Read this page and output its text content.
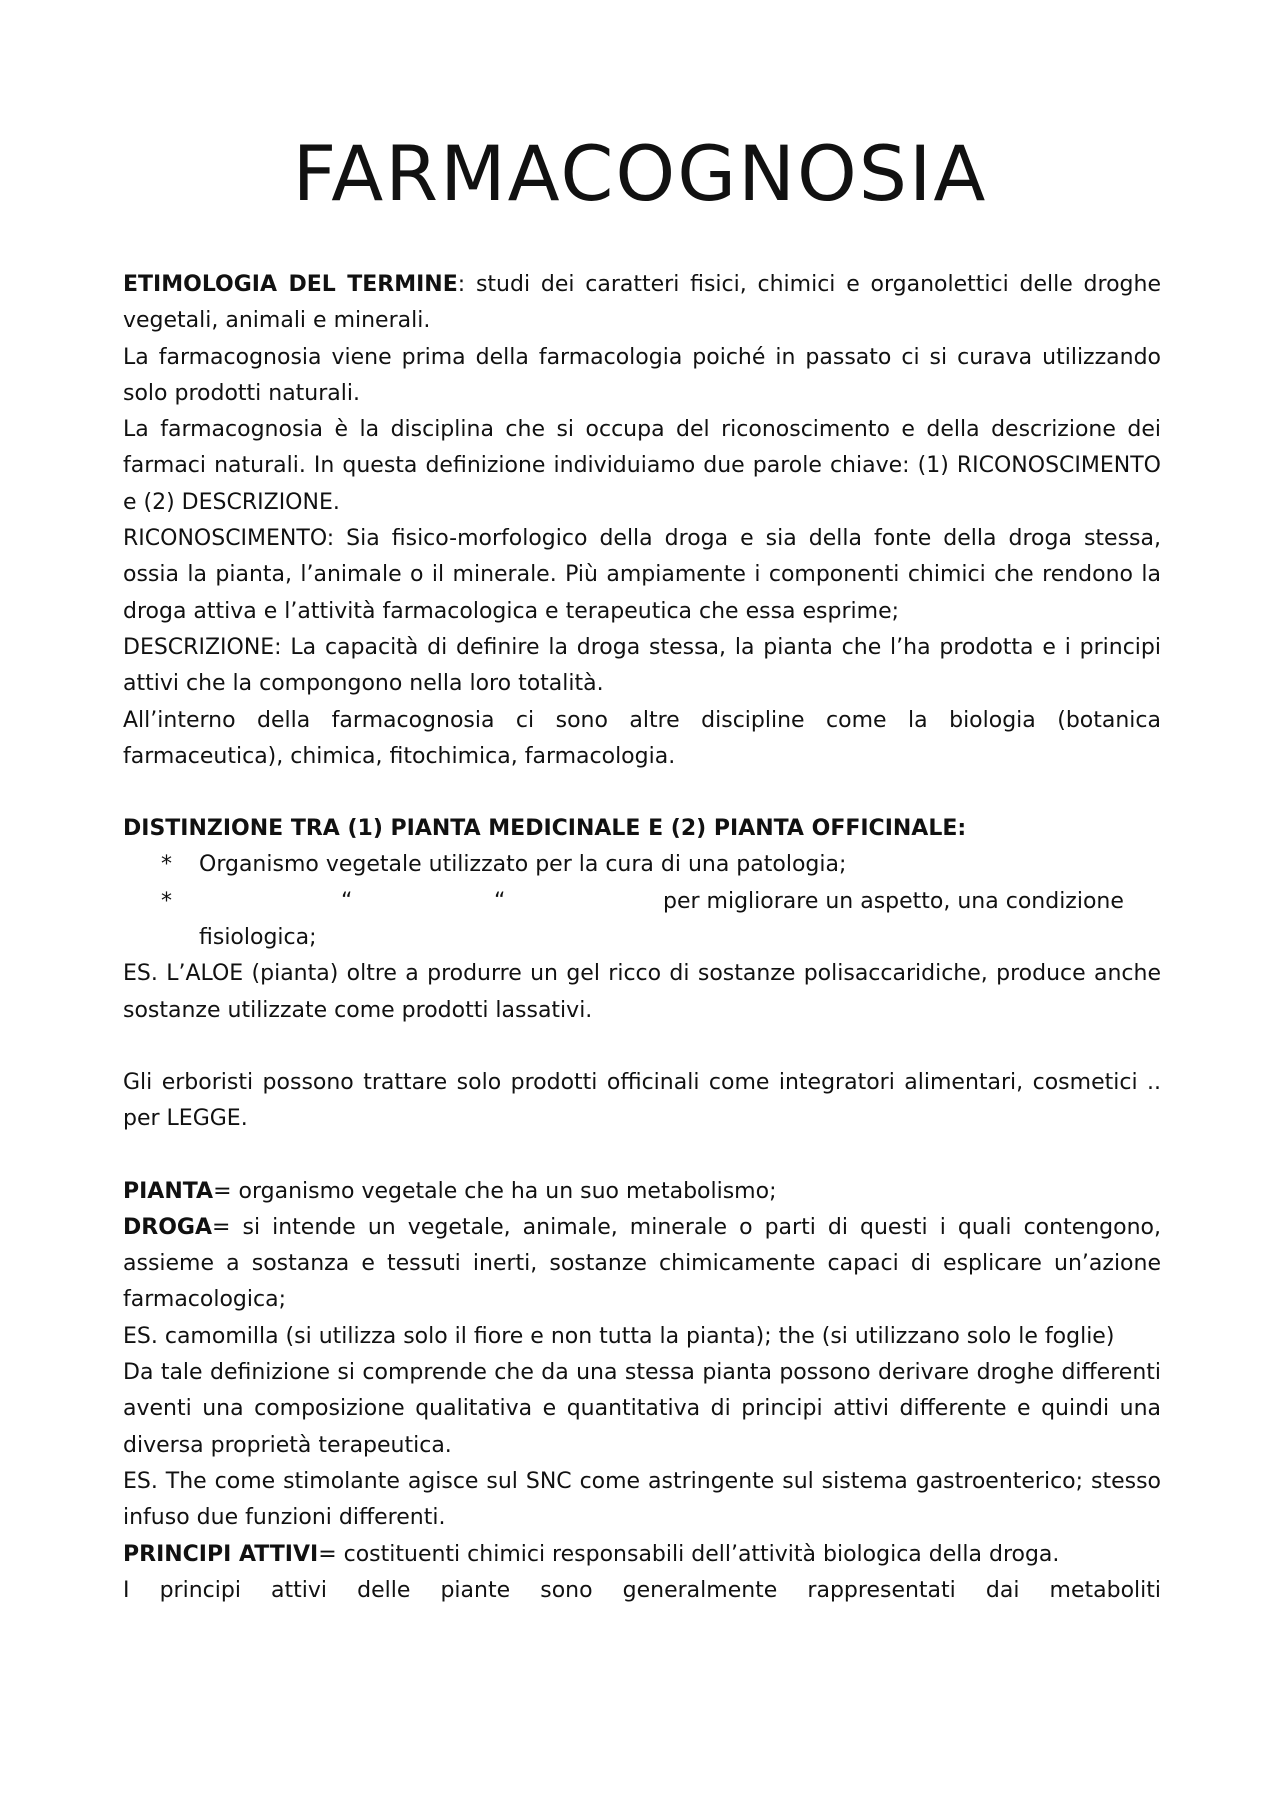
FARMACOGNOSIA

ETIMOLOGIA DEL TERMINE: studi dei caratteri fisici, chimici e organolettici delle droghe vegetali, animali e minerali.

La farmacognosia viene prima della farmacologia poiché in passato ci si curava utilizzando solo prodotti naturali.

La farmacognosia è la disciplina che si occupa del riconoscimento e della descrizione dei farmaci naturali. In questa definizione individuiamo due parole chiave: (1) RICONOSCIMENTO e (2) DESCRIZIONE.

RICONOSCIMENTO: Sia fisico-morfologico della droga e sia della fonte della droga stessa, ossia la pianta, l’animale o il minerale. Più ampiamente i componenti chimici che rendono la droga attiva e l’attività farmacologica e terapeutica che essa esprime;

DESCRIZIONE: La capacità di definire la droga stessa, la pianta che l’ha prodotta e i principi attivi che la compongono nella loro totalità.

All’interno della farmacognosia ci sono altre discipline come la biologia (botanica farmaceutica), chimica, fitochimica, farmacologia.

DISTINZIONE TRA (1) PIANTA MEDICINALE E (2) PIANTA OFFICINALE:

* Organismo vegetale utilizzato per la cura di una patologia;
*	“	“	per migliorare un aspetto, una condizione

fisiologica;

ES. L’ALOE (pianta) oltre a produrre un gel ricco di sostanze polisaccaridiche, produce anche sostanze utilizzate come prodotti lassativi.

Gli erboristi possono trattare solo prodotti officinali come integratori alimentari, cosmetici .. per LEGGE.

PIANTA= organismo vegetale che ha un suo metabolismo;

DROGA= si intende un vegetale, animale, minerale o parti di questi i quali contengono, assieme a sostanza e tessuti inerti, sostanze chimicamente capaci di esplicare un’azione farmacologica;

ES. camomilla (si utilizza solo il fiore e non tutta la pianta); the (si utilizzano solo le foglie)

Da tale definizione si comprende che da una stessa pianta possono derivare droghe differenti aventi una composizione qualitativa e quantitativa di principi attivi differente e quindi una diversa proprietà terapeutica.

ES. The come stimolante agisce sul SNC come astringente sul sistema gastroenterico; stesso infuso due funzioni differenti.

PRINCIPI ATTIVI= costituenti chimici responsabili dell’attività biologica della droga.

I principi attivi delle piante sono generalmente rappresentati dai metaboliti
